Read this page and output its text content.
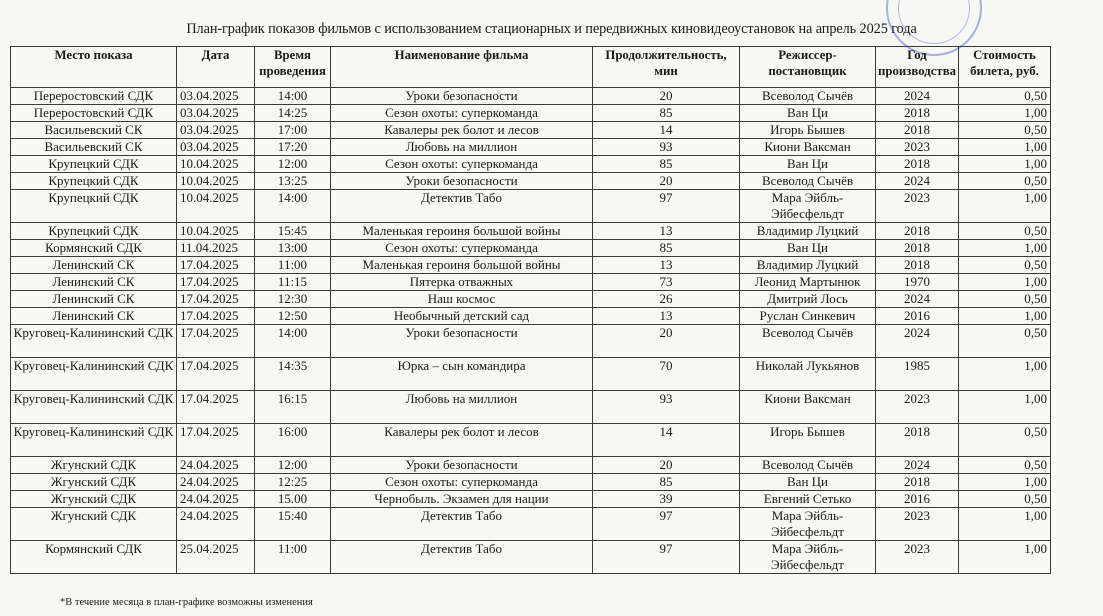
План-график показов фильмов с использованием стационарных и передвижных киновидеоустановок на апрель 2025 года
Место показа	Дата	Время проведения	Наименование фильма	Продолжительность, мин	Режиссер-постановщик	Год производства	Стоимость билета, руб.
Переростовский СДК	03.04.2025	14:00	Уроки безопасности	20	Всеволод Сычёв	2024	0,50
Переростовский СДК	03.04.2025	14:25	Сезон охоты: суперкоманда	85	Ван Ци	2018	1,00
Васильевский СК	03.04.2025	17:00	Кавалеры рек болот и лесов	14	Игорь Бышев	2018	0,50
Васильевский СК	03.04.2025	17:20	Любовь на миллион	93	Киони Ваксман	2023	1,00
Крупецкий СДК	10.04.2025	12:00	Сезон охоты: суперкоманда	85	Ван Ци	2018	1,00
Крупецкий СДК	10.04.2025	13:25	Уроки безопасности	20	Всеволод Сычёв	2024	0,50
Крупецкий СДК	10.04.2025	14:00	Детектив Табо	97	Мара Эйбль-Эйбесфельдт	2023	1,00
Крупецкий СДК	10.04.2025	15:45	Маленькая героиня большой войны	13	Владимир Луцкий	2018	0,50
Кормянский СДК	11.04.2025	13:00	Сезон охоты: суперкоманда	85	Ван Ци	2018	1,00
Ленинский СК	17.04.2025	11:00	Маленькая героиня большой войны	13	Владимир Луцкий	2018	0,50
Ленинский СК	17.04.2025	11:15	Пятерка отважных	73	Леонид Мартынюк	1970	1,00
Ленинский СК	17.04.2025	12:30	Наш космос	26	Дмитрий Лось	2024	0,50
Ленинский СК	17.04.2025	12:50	Необычный детский сад	13	Руслан Синкевич	2016	1,00
Круговец-Калининский СДК	17.04.2025	14:00	Уроки безопасности	20	Всеволод Сычёв	2024	0,50
Круговец-Калининский СДК	17.04.2025	14:35	Юрка – сын командира	70	Николай Лукьянов	1985	1,00
Круговец-Калининский СДК	17.04.2025	16:15	Любовь на миллион	93	Киони Ваксман	2023	1,00
Круговец-Калининский СДК	17.04.2025	16:00	Кавалеры рек болот и лесов	14	Игорь Бышев	2018	0,50
Жгунский СДК	24.04.2025	12:00	Уроки безопасности	20	Всеволод Сычёв	2024	0,50
Жгунский СДК	24.04.2025	12:25	Сезон охоты: суперкоманда	85	Ван Ци	2018	1,00
Жгунский СДК	24.04.2025	15.00	Чернобыль. Экзамен для нации	39	Евгений Сетько	2016	0,50
Жгунский СДК	24.04.2025	15:40	Детектив Табо	97	Мара Эйбль-Эйбесфельдт	2023	1,00
Кормянский СДК	25.04.2025	11:00	Детектив Табо	97	Мара Эйбль-Эйбесфельдт	2023	1,00
*В течение месяца в план-графике возможны изменения
